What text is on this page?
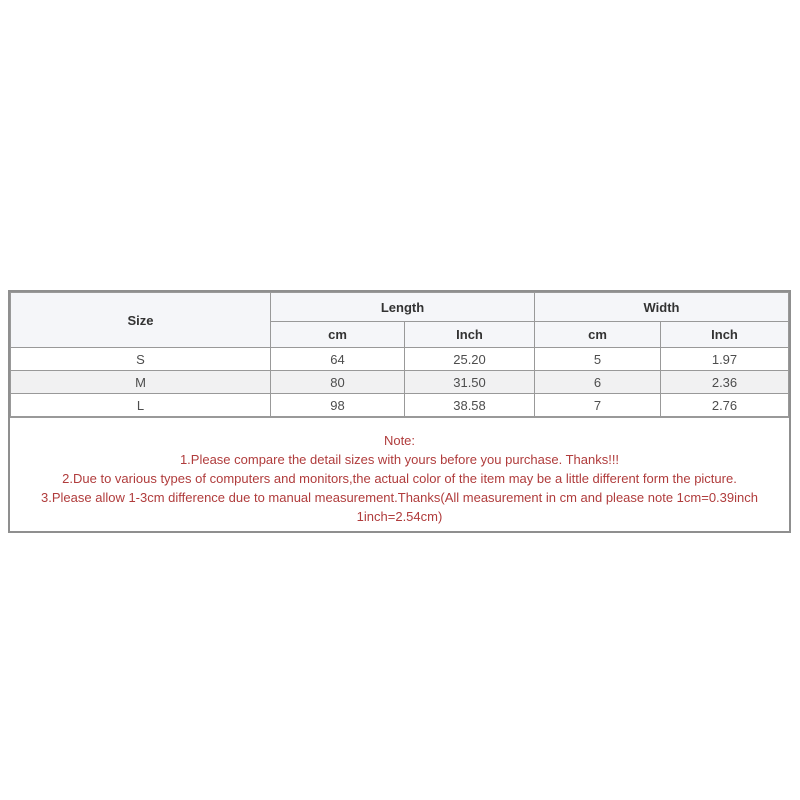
Size	Length		Width	
	cm	Inch	cm	Inch
S	64	25.20	5	1.97
M	80	31.50	6	2.36
L	98	38.58	7	2.76
Note:
1.Please compare the detail sizes with yours before you purchase. Thanks!!!
2.Due to various types of computers and monitors,the actual color of the item may be a little different form the picture.
3.Please allow 1-3cm difference due to manual measurement.Thanks(All measurement in cm and please note 1cm=0.39inch 1inch=2.54cm)
